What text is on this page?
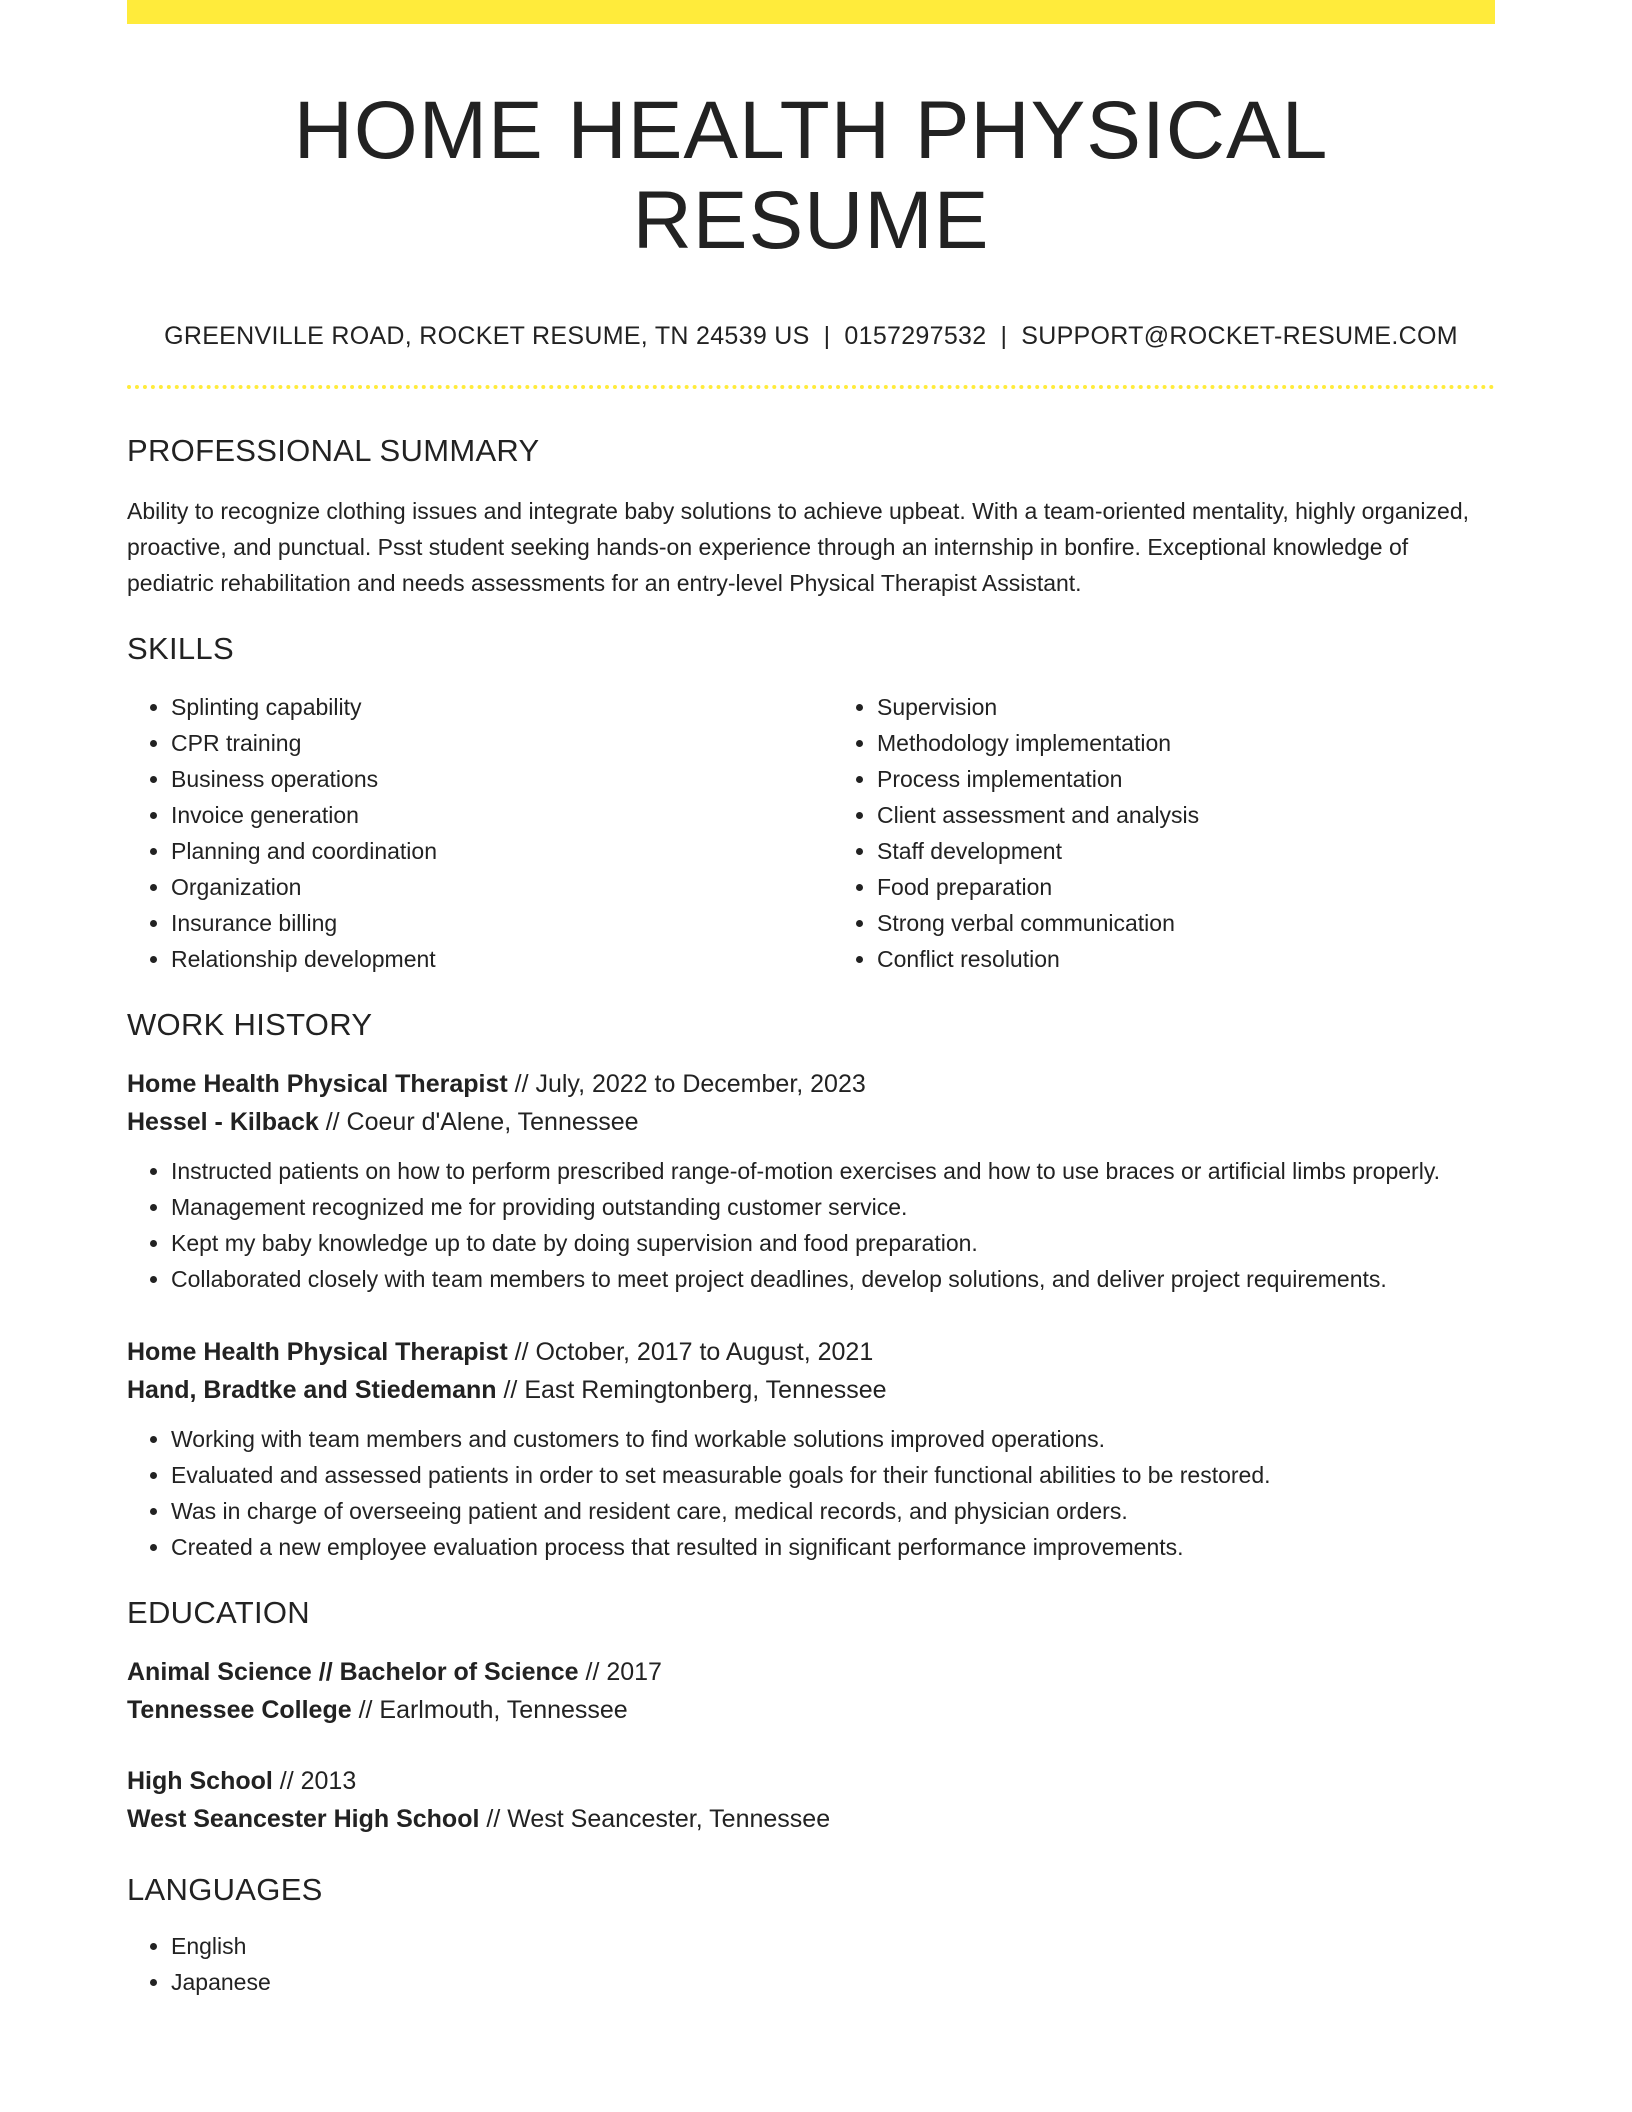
HOME HEALTH PHYSICAL RESUME
GREENVILLE ROAD, ROCKET RESUME, TN 24539 US | 0157297532 | SUPPORT@ROCKET-RESUME.COM
PROFESSIONAL SUMMARY

Ability to recognize clothing issues and integrate baby solutions to achieve upbeat. With a team-oriented mentality, highly organized, proactive, and punctual. Psst student seeking hands-on experience through an internship in bonfire. Exceptional knowledge of pediatric rehabilitation and needs assessments for an entry-level Physical Therapist Assistant.

SKILLS
• Splinting capability
• CPR training
• Business operations
• Invoice generation
• Planning and coordination
• Organization
• Insurance billing
• Relationship development
• Supervision
• Methodology implementation
• Process implementation
• Client assessment and analysis
• Staff development
• Food preparation
• Strong verbal communication
• Conflict resolution
WORK HISTORY
Home Health Physical Therapist // July, 2022 to December, 2023
Hessel - Kilback // Coeur d'Alene, Tennessee
• Instructed patients on how to perform prescribed range-of-motion exercises and how to use braces or artificial limbs properly.
• Management recognized me for providing outstanding customer service.
• Kept my baby knowledge up to date by doing supervision and food preparation.
• Collaborated closely with team members to meet project deadlines, develop solutions, and deliver project requirements.
Home Health Physical Therapist // October, 2017 to August, 2021
Hand, Bradtke and Stiedemann // East Remingtonberg, Tennessee
• Working with team members and customers to find workable solutions improved operations.
• Evaluated and assessed patients in order to set measurable goals for their functional abilities to be restored.
• Was in charge of overseeing patient and resident care, medical records, and physician orders.
• Created a new employee evaluation process that resulted in significant performance improvements.
EDUCATION
Animal Science // Bachelor of Science // 2017
Tennessee College // Earlmouth, Tennessee
High School // 2013
West Seancester High School // West Seancester, Tennessee
LANGUAGES
• English
• Japanese
